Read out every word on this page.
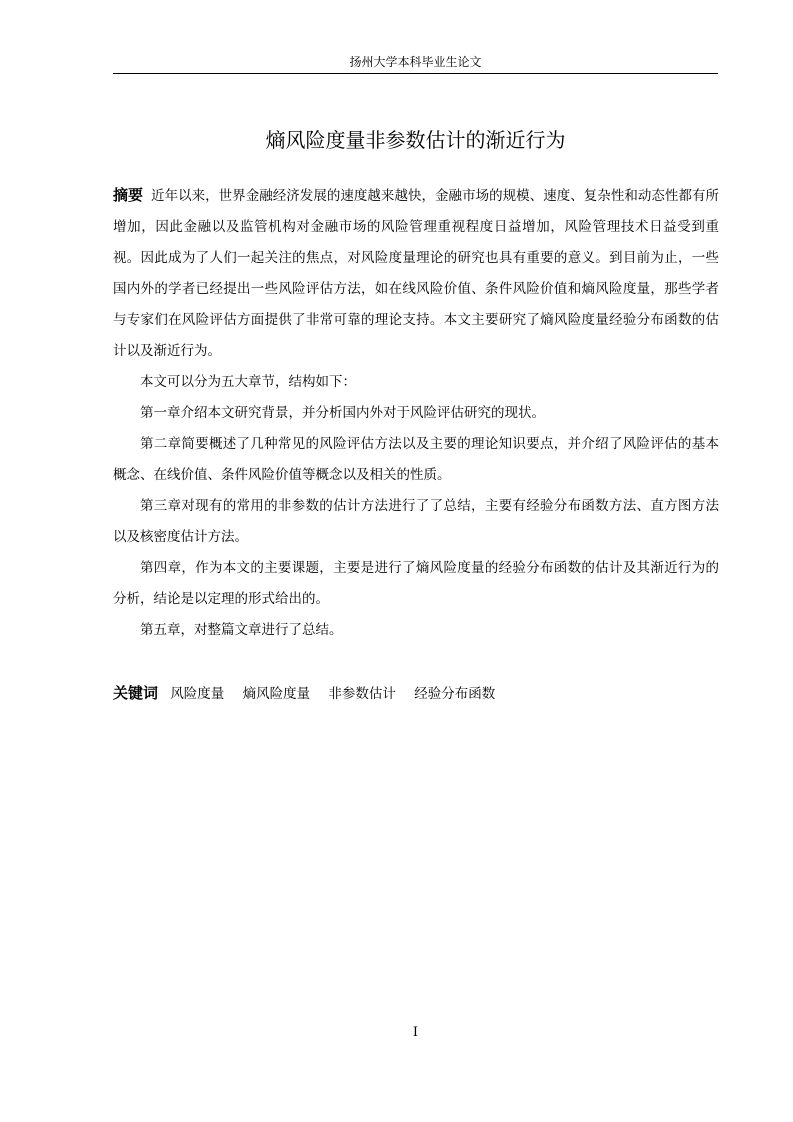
扬州大学本科毕业生论文
熵风险度量非参数估计的渐近行为

摘要 近年以来，世界金融经济发展的速度越来越快，金融市场的规模、速度、复杂性和动态性都有所增加，因此金融以及监管机构对金融市场的风险管理重视程度日益增加，风险管理技术日益受到重视。因此成为了人们一起关注的焦点，对风险度量理论的研究也具有重要的意义。到目前为止，一些国内外的学者已经提出一些风险评估方法，如在线风险价值、条件风险价值和熵风险度量，那些学者与专家们在风险评估方面提供了非常可靠的理论支持。本文主要研究了熵风险度量经验分布函数的估计以及渐近行为。

本文可以分为五大章节，结构如下：

第一章介绍本文研究背景，并分析国内外对于风险评估研究的现状。

第二章简要概述了几种常见的风险评估方法以及主要的理论知识要点，并介绍了风险评估的基本概念、在线价值、条件风险价值等概念以及相关的性质。

第三章对现有的常用的非参数的估计方法进行了了总结，主要有经验分布函数方法、直方图方法以及核密度估计方法。

第四章，作为本文的主要课题，主要是进行了熵风险度量的经验分布函数的估计及其渐近行为的分析，结论是以定理的形式给出的。

第五章，对整篇文章进行了总结。

关键词 风险度量 熵风险度量 非参数估计 经验分布函数
I
